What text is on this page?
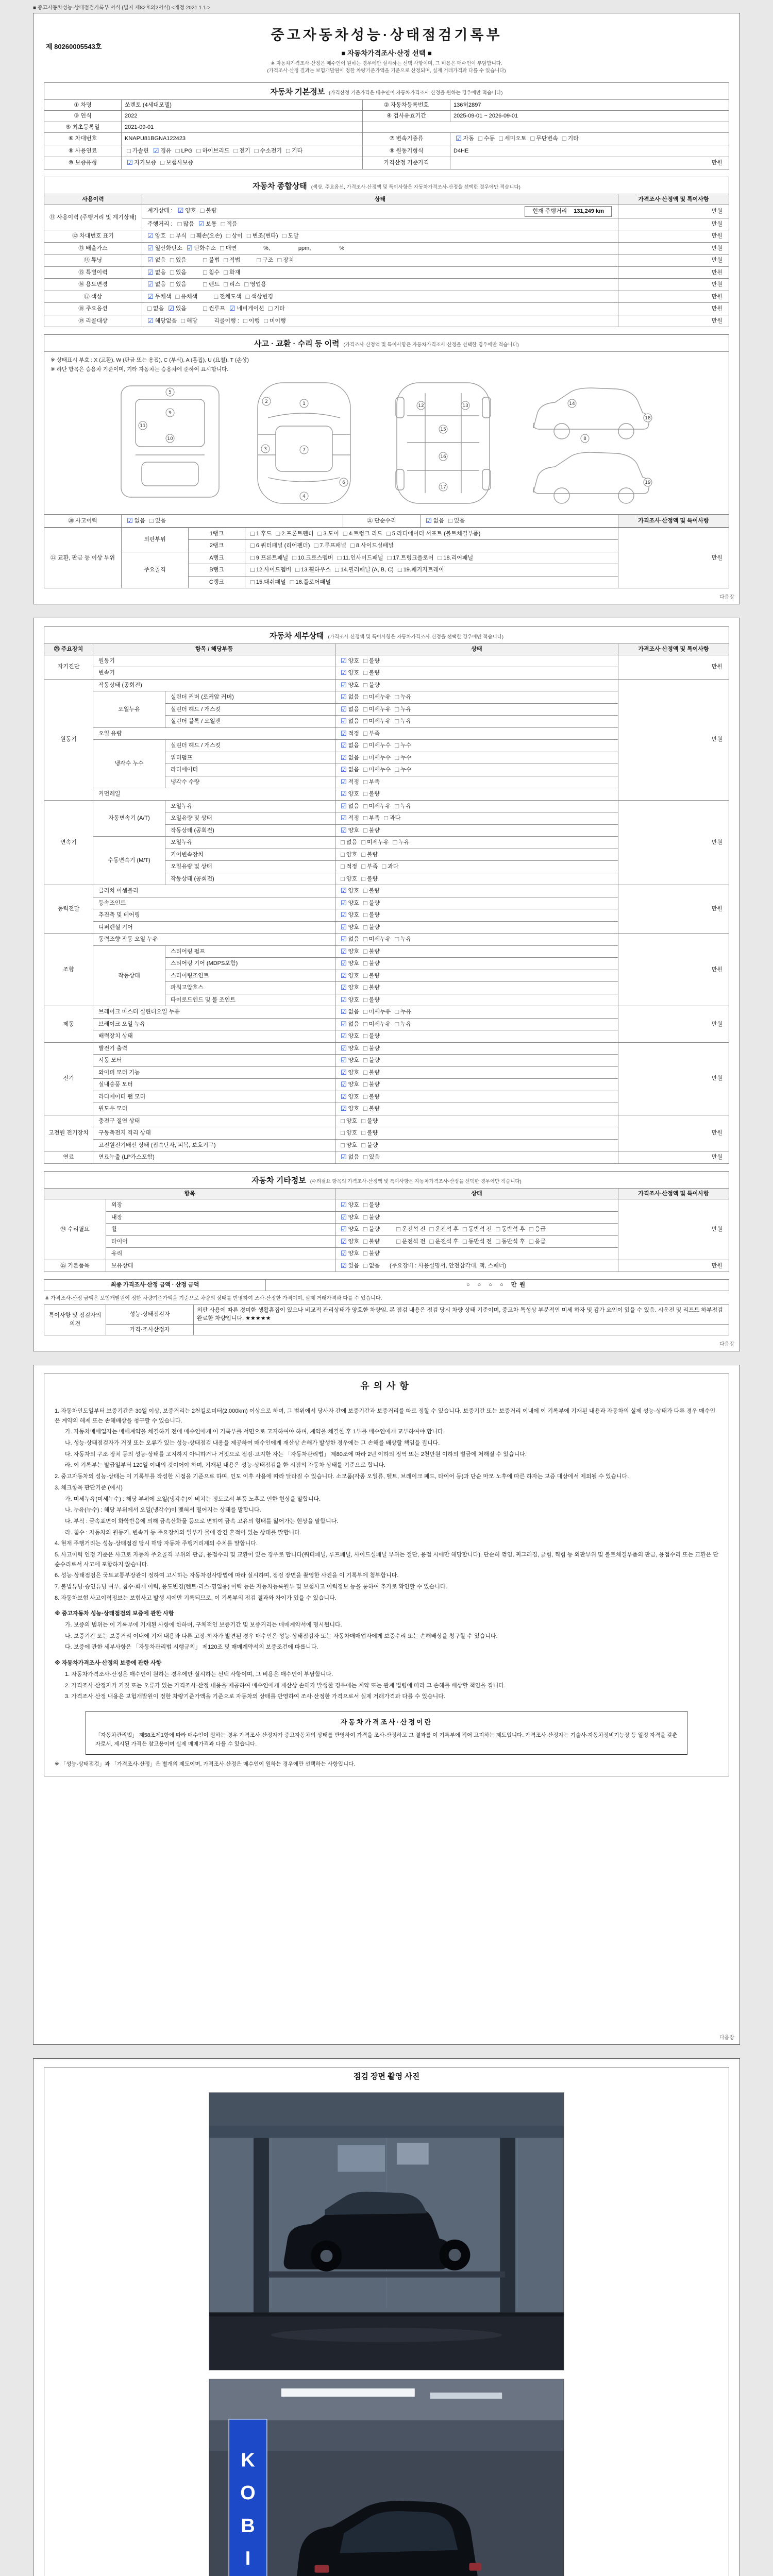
■ 중고자동차성능·상태점검기록부 서식 (별지 제82호의2서식) <개정 2021.1.1.>
제 80260005543호
중고자동차성능·상태점검기록부
■ 자동차가격조사·산정 선택 ■
※ 자동차가격조사·산정은 매수인이 원하는 경우에만 실시하는 선택 사항이며, 그 비용은 매수인이 부담합니다.
(가격조사·산정 결과는 보험개발원이 정한 차량기준가액을 기준으로 산정되며, 실제 거래가격과 다를 수 있습니다)
자동차 기본정보 (가격산정 기준가격은 매수인이 자동차가격조사·산정을 원하는 경우에만 적습니다)
① 차명	쏘렌토 (4세대모델)	② 자동차등록번호	136허2897
③ 연식	2022	④ 검사유효기간	2025-09-01 ~ 2026-09-01
⑤ 최초등록일	2021-09-01		
⑥ 차대번호	KNAPU81BGNA122423	⑦ 변속기종류	☑ 자동 □ 수동 □ 세미오토 □ 무단변속 □ 기타
⑧ 사용연료	□ 가솔린 ☑ 경유 □ LPG □ 하이브리드 □ 전기 □ 수소전기 □ 기타	⑨ 원동기형식	D4HE
⑩ 보증유형	☑ 자가보증 □ 보험사보증	가격산정 기준가격	만원
자동차 종합상태 (색상, 주요옵션, 가격조사·산정액 및 특이사항은 자동차가격조사·산정을 선택한 경우에만 적습니다)
사용이력	상태	가격조사·산정액 및 특이사항
⑪ 사용이력 (주행거리 및 계기상태)	계기상태 : ☑ 양호 □ 불량 현재 주행거리 131,249 km	만원
	주행거리 : □ 많음 ☑ 보통 □ 적음	만원
⑫ 차대번호 표기	☑ 양호 □ 부식 □ 훼손(오손) □ 상이 □ 변조(변타) □ 도말	만원
⑬ 배출가스	☑ 일산화탄소 ☑ 탄화수소 □ 매연　　　　%,　　　　　ppm,　　　　　%	만원
⑭ 튜닝	☑ 없음 □ 있음 □ 불법 □ 적법 □ 구조 □ 장치	만원
⑮ 특별이력	☑ 없음 □ 있음 □ 침수 □ 화재	만원
⑯ 용도변경	☑ 없음 □ 있음 □ 렌트 □ 리스 □ 영업용	만원
⑰ 색상	☑ 무채색 □ 유채색 □ 전체도색 □ 색상변경	만원
⑱ 주요옵션	□ 없음 ☑ 있음 □ 썬루프 ☑ 네비게이션 □ 기타	만원
⑲ 리콜대상	☑ 해당없음 □ 해당 리콜이행 : □ 이행 □ 미이행	만원
사고 · 교환 · 수리 등 이력 (가격조사·산정액 및 특이사항은 자동차가격조사·산정을 선택한 경우에만 적습니다)
※ 상태표시 부호 : X (교환), W (판금 또는 용접), C (부식), A (흠집), U (요철), T (손상)
※ 하단 항목은 승용차 기준이며, 기타 자동차는 승용차에 준하여 표시합니다.
5
9
10
11
1
2
3
4
6
7
12	13
15
16
17
8
14
18
19
⑳ 사고이력	☑ 없음 □ 있음	㉑ 단순수리	☑ 없음 □ 있음	가격조사·산정액 및 특이사항
㉒ 교환, 판금 등 이상 부위	외판부위	1랭크	□ 1.후드 □ 2.프론트펜더 □ 3.도어 □ 4.트렁크 리드 □ 5.라디에이터 서포트 (볼트체결부품)	만원
		2랭크	□ 6.쿼터패널 (리어펜더) □ 7.루프패널 □ 8.사이드실패널	
	주요골격	A랭크	□ 9.프론트패널 □ 10.크로스멤버 □ 11.인사이드패널 □ 17.트렁크플로어 □ 18.리어패널	
		B랭크	□ 12.사이드멤버 □ 13.휠하우스 □ 14.필러패널 (A, B, C) □ 19.패키지트레이	
		C랭크	□ 15.대쉬패널 □ 16.플로어패널	
다음장
자동차 세부상태 (가격조사·산정액 및 특이사항은 자동차가격조사·산정을 선택한 경우에만 적습니다)
㉓ 주요장치	항목 / 해당부품		상태	가격조사·산정액 및 특이사항
자기진단	원동기		☑ 양호 □ 불량	만원
	변속기		☑ 양호 □ 불량	
원동기	작동상태 (공회전)		☑ 양호 □ 불량	만원
	오일누유	실린더 커버 (로커암 커버)	☑ 없음 □ 미세누유 □ 누유	
		실린더 헤드 / 개스킷	☑ 없음 □ 미세누유 □ 누유	
		실린더 블록 / 오일팬	☑ 없음 □ 미세누유 □ 누유	
	오일 유량		☑ 적정 □ 부족	
	냉각수 누수	실린더 헤드 / 개스킷	☑ 없음 □ 미세누수 □ 누수	
		워터펌프	☑ 없음 □ 미세누수 □ 누수	
		라디에이터	☑ 없음 □ 미세누수 □ 누수	
		냉각수 수량	☑ 적정 □ 부족	
	커먼레일		☑ 양호 □ 불량	
변속기	자동변속기 (A/T)	오일누유	☑ 없음 □ 미세누유 □ 누유	만원
		오일유량 및 상태	☑ 적정 □ 부족 □ 과다	
		작동상태 (공회전)	☑ 양호 □ 불량	
	수동변속기 (M/T)	오일누유	□ 없음 □ 미세누유 □ 누유	
		기어변속장치	□ 양호 □ 불량	
		오일유량 및 상태	□ 적정 □ 부족 □ 과다	
		작동상태 (공회전)	□ 양호 □ 불량	
동력전달	클러치 어셈블리		☑ 양호 □ 불량	만원
	등속조인트		☑ 양호 □ 불량	
	추진축 및 베어링		☑ 양호 □ 불량	
	디퍼렌셜 기어		☑ 양호 □ 불량	
조향	동력조향 작동 오일 누유		☑ 없음 □ 미세누유 □ 누유	만원
	작동상태	스티어링 펌프	☑ 양호 □ 불량	
		스티어링 기어 (MDPS포함)	☑ 양호 □ 불량	
		스티어링조인트	☑ 양호 □ 불량	
		파워고압호스	☑ 양호 □ 불량	
		타이로드엔드 및 볼 조인트	☑ 양호 □ 불량	
제동	브레이크 마스터 실린더오일 누유		☑ 없음 □ 미세누유 □ 누유	만원
	브레이크 오일 누유		☑ 없음 □ 미세누유 □ 누유	
	배력장치 상태		☑ 양호 □ 불량	
전기	발전기 출력		☑ 양호 □ 불량	만원
	시동 모터		☑ 양호 □ 불량	
	와이퍼 모터 기능		☑ 양호 □ 불량	
	실내송풍 모터		☑ 양호 □ 불량	
	라디에이터 팬 모터		☑ 양호 □ 불량	
	윈도우 모터		☑ 양호 □ 불량	
고전원 전기장치	충전구 절연 상태		□ 양호 □ 불량	만원
	구동축전지 격리 상태		□ 양호 □ 불량	
	고전원전기배선 상태 (접속단자, 피복, 보호기구)		□ 양호 □ 불량	
연료	연료누출 (LP가스포함)		☑ 없음 □ 있음	만원
자동차 기타정보 (수리필요 항목의 가격조사·산정액 및 특이사항은 자동차가격조사·산정을 선택한 경우에만 적습니다)
항목		상태	가격조사·산정액 및 특이사항
㉔ 수리필요	외장	☑ 양호 □ 불량	만원
	내장	☑ 양호 □ 불량	
	휠	☑ 양호 □ 불량 □ 운전석 전 □ 운전석 후 □ 동반석 전 □ 동반석 후 □ 응급	
	타이어	☑ 양호 □ 불량 □ 운전석 전 □ 운전석 후 □ 동반석 전 □ 동반석 후 □ 응급	
	유리	☑ 양호 □ 불량	
㉕ 기본품목	보유상태	☑ 있음 □ 없음　(주요장비 : 사용설명서, 안전삼각대, 잭, 스패너)	만원
최종 가격조사·산정 금액 · 산정 금액	○ ○ ○ ○ 만원
※ 가격조사·산정 금액은 보험개발원이 정한 차량기준가액을 기준으로 차량의 상태를 반영하여 조사·산정한 가격이며, 실제 거래가격과 다를 수 있습니다.
특이사항 및 점검자의 의견	성능·상태점검자	외판 사용에 따른 경미한 생활흠집이 있으나 비교적 관리상태가 양호한 차량임. 본 점검 내용은 점검 당시 차량 상태 기준이며, 중고차 특성상 부분적인 미세 하자 및 감가 요인이 있을 수 있음. 시운전 및 리프트 하부점검 완료한 차량입니다. ★★★★★
	가격·조사산정자	
다음장
유의사항
1. 자동차인도일부터 보증기간은 30일 이상, 보증거리는 2천킬로미터(2,000km) 이상으로 하며, 그 범위에서 당사자 간에 보증기간과 보증거리를 따로 정할 수 있습니다. 보증기간 또는 보증거리 이내에 이 기록부에 기재된 내용과 자동차의 실제 성능·상태가 다른 경우 매수인은 계약의 해제 또는 손해배상을 청구할 수 있습니다.
가. 자동차매매업자는 매매계약을 체결하기 전에 매수인에게 이 기록부를 서면으로 고지하여야 하며, 계약을 체결한 후 1부를 매수인에게 교부하여야 합니다.
나. 성능·상태점검자가 거짓 또는 오류가 있는 성능·상태점검 내용을 제공하여 매수인에게 재산상 손해가 발생한 경우에는 그 손해를 배상할 책임을 집니다.
다. 자동차의 구조·장치 등의 성능·상태를 고지하지 아니하거나 거짓으로 점검·고지한 자는 「자동차관리법」 제80조에 따라 2년 이하의 징역 또는 2천만원 이하의 벌금에 처해질 수 있습니다.
라. 이 기록부는 발급일부터 120일 이내의 것이어야 하며, 기재된 내용은 성능·상태점검을 한 시점의 자동차 상태를 기준으로 합니다.
2. 중고자동차의 성능·상태는 이 기록부를 작성한 시점을 기준으로 하며, 인도 이후 사용에 따라 달라질 수 있습니다. 소모품(각종 오일류, 벨트, 브레이크 패드, 타이어 등)과 단순 마모·노후에 따른 하자는 보증 대상에서 제외될 수 있습니다.
3. 체크항목 판단기준 (예시)
가. 미세누유(미세누수) : 해당 부위에 오일(냉각수)이 비치는 정도로서 부품 노후로 인한 현상을 말합니다.
나. 누유(누수) : 해당 부위에서 오일(냉각수)이 맺혀서 떨어지는 상태를 말합니다.
다. 부식 : 금속표면이 화학반응에 의해 금속산화물 등으로 변하여 금속 고유의 형태를 잃어가는 현상을 말합니다.
라. 침수 : 자동차의 원동기, 변속기 등 주요장치의 일부가 물에 잠긴 흔적이 있는 상태를 말합니다.
4. 현재 주행거리는 성능·상태점검 당시 해당 자동차 주행거리계의 수치를 말합니다.
5. 사고이력 인정 기준은 사고로 자동차 주요골격 부위의 판금, 용접수리 및 교환이 있는 경우로 합니다(쿼터패널, 루프패널, 사이드실패널 부위는 절단, 용접 시에만 해당합니다). 단순히 꺾임, 찌그러짐, 긁힘, 찍힘 등 외판부위 및 볼트체결부품의 판금, 용접수리 또는 교환은 단순수리로서 사고에 포함하지 않습니다.
6. 성능·상태점검은 국토교통부장관이 정하여 고시하는 자동차검사방법에 따라 실시하며, 점검 장면을 촬영한 사진을 이 기록부에 첨부합니다.
7. 불법튜닝·승인튜닝 여부, 침수·화재 이력, 용도변경(렌트·리스·영업용) 이력 등은 자동차등록원부 및 보험사고 이력정보 등을 통하여 추가로 확인할 수 있습니다.
8. 자동차보험 사고이력정보는 보험사고 발생 시에만 기록되므로, 이 기록부의 점검 결과와 차이가 있을 수 있습니다.
※ 중고자동차 성능·상태점검의 보증에 관한 사항
가. 보증의 범위는 이 기록부에 기재된 사항에 한하며, 구체적인 보증기간 및 보증거리는 매매계약서에 명시됩니다.
나. 보증기간 또는 보증거리 이내에 기재 내용과 다른 고장·하자가 발견된 경우 매수인은 성능·상태점검자 또는 자동차매매업자에게 보증수리 또는 손해배상을 청구할 수 있습니다.
다. 보증에 관한 세부사항은 「자동차관리법 시행규칙」 제120조 및 매매계약서의 보증조건에 따릅니다.
※ 자동차가격조사·산정의 보증에 관한 사항
1. 자동차가격조사·산정은 매수인이 원하는 경우에만 실시하는 선택 사항이며, 그 비용은 매수인이 부담합니다.
2. 가격조사·산정자가 거짓 또는 오류가 있는 가격조사·산정 내용을 제공하여 매수인에게 재산상 손해가 발생한 경우에는 계약 또는 관계 법령에 따라 그 손해를 배상할 책임을 집니다.
3. 가격조사·산정 내용은 보험개발원이 정한 차량기준가액을 기준으로 자동차의 상태를 반영하여 조사·산정한 가격으로서 실제 거래가격과 다를 수 있습니다.
자동차가격조사·산정이란
「자동차관리법」 제58조제1항에 따라 매수인이 원하는 경우 가격조사·산정자가 중고자동차의 상태를 반영하여 가격을 조사·산정하고 그 결과를 이 기록부에 적어 고지하는 제도입니다. 가격조사·산정자는 기술사·자동차정비기능장 등 일정 자격을 갖춘 자로서, 제시된 가격은 참고용이며 실제 매매가격과 다를 수 있습니다.
※ 「성능·상태점검」과 「가격조사·산정」은 별개의 제도이며, 가격조사·산정은 매수인이 원하는 경우에만 선택하는 사항입니다.
다음장
점검 장면 촬영 사진
K O B I
